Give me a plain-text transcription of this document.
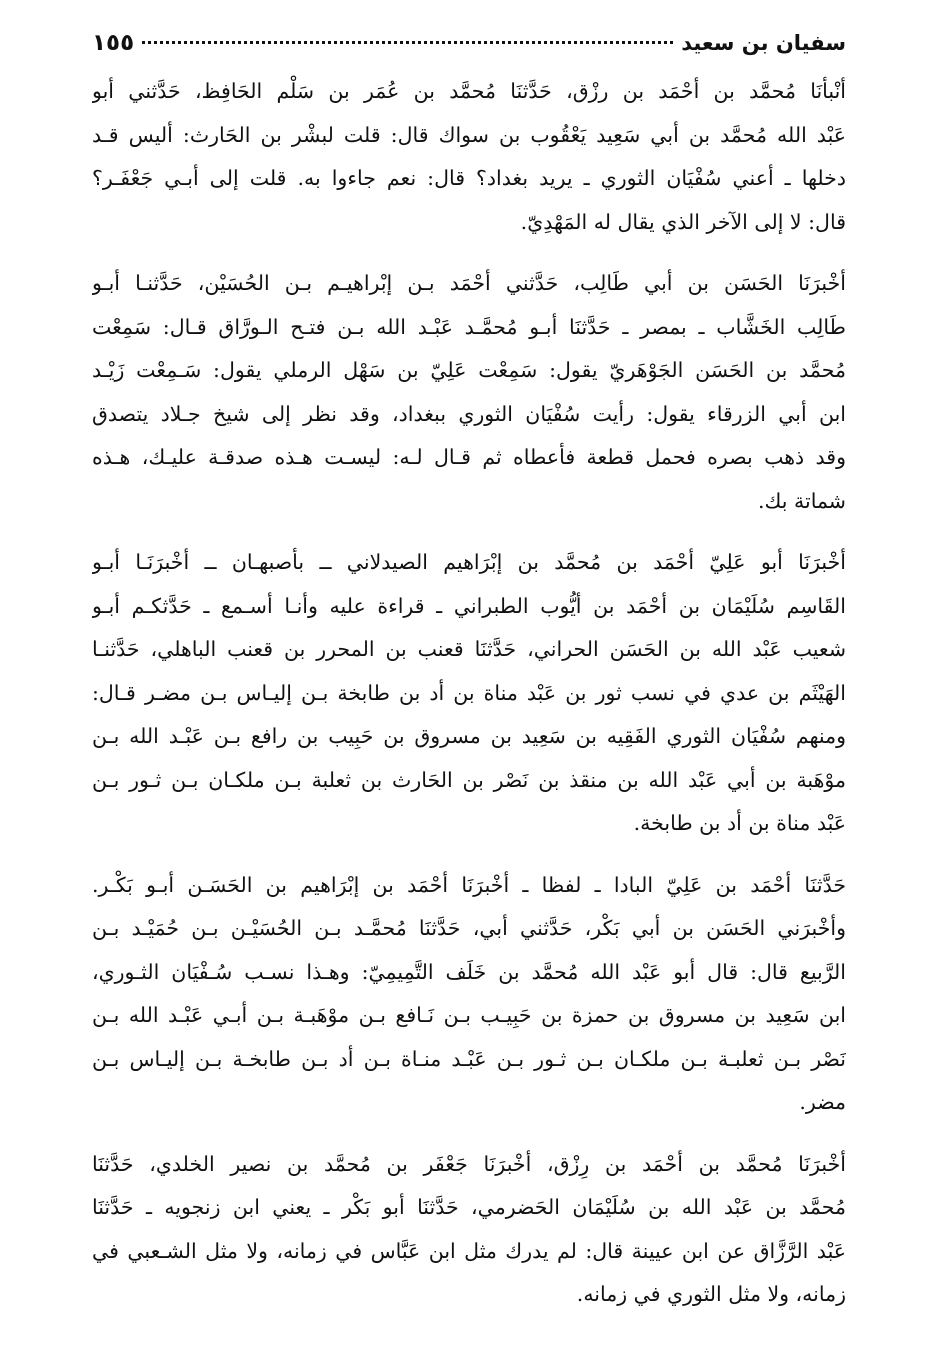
سفيان بن سعيد
١٥٥
أنْبأنَا مُحمَّد بن أحْمَد بن رزْق، حَدَّثنَا مُحمَّد بن عُمَر بن سَلْم الحَافِظ، حَدَّثني أبو
عَبْد الله مُحمَّد بن أبي سَعِيد يَعْقُوب بن سواك قال: قلت لبشْر بن الحَارث: أليس قـد
دخلها ـ أعني سُفْيَان الثوري ـ يريد بغداد؟ قال: نعم جاءوا به. قلت إلى أبـي جَعْفَـر؟
قال: لا إلى الآخر الذي يقال له المَهْدِيّ.
أخْبرَنَا الحَسَن بن أبي طَالِب، حَدَّثني أحْمَد بـن إبْراهيـم بـن الحُسَيْن، حَدَّثنـا أبـو
طَالِب الخَشَّاب ـ بمصر ـ حَدَّثنَا أبـو مُحمَّـد عَبْـد الله بـن فتـح الـورَّاق قـال: سَمِعْت
مُحمَّد بن الحَسَن الجَوْهَريّ يقول: سَمِعْت عَلِيّ بن سَهْل الرملي يقول: سَـمِعْت زَيْـد
ابن أبي الزرقاء يقول: رأيت سُفْيَان الثوري ببغداد، وقد نظر إلى شيخ جـلاد يتصدق
وقد ذهب بصره فحمل قطعة فأعطاه ثم قـال لـه: ليسـت هـذه صدقـة عليـك، هـذه
شماتة بك.
أخْبرَنَا أبو عَلِيّ أحْمَد بن مُحمَّد بن إبْرَاهيم الصيدلاني ــ بأصبهـان ــ أخْبرَنَـا أبـو
القَاسِم سُلَيْمَان بن أحْمَد بن أيُّوب الطبراني ـ قراءة عليه وأنـا أسـمع ـ حَدَّثكـم أبـو
شعيب عَبْد الله بن الحَسَن الحراني، حَدَّثنَا قعنب بن المحرر بن قعنب الباهلي، حَدَّثنـا
الهَيْثَم بن عدي في نسب ثور بن عَبْد مناة بن أد بن طابخة بـن إليـاس بـن مضـر قـال:
ومنهم سُفْيَان الثوري الفَقِيه بن سَعِيد بن مسروق بن حَبِيب بن رافع بـن عَبْـد الله بـن
موْهَبة بن أبي عَبْد الله بن منقذ بن نَصْر بن الحَارث بن ثعلبة بـن ملكـان بـن ثـور بـن
عَبْد مناة بن أد بن طابخة.
حَدَّثنَا أحْمَد بن عَلِيّ البادا ـ لفظا ـ أخْبرَنَا أحْمَد بن إبْرَاهيم بن الحَسَـن أبـو بَكْـر.
وأخْبرَني الحَسَن بن أبي بَكْر، حَدَّثني أبي، حَدَّثنَا مُحمَّـد بـن الحُسَيْـن بـن حُمَيْـد بـن
الرَّبيع قال: قال أبو عَبْد الله مُحمَّد بن خَلَف التَّمِيمِيّ: وهـذا نسـب سُـفْيَان الثـوري،
ابن سَعِيد بن مسروق بن حمزة بن حَبِيـب بـن نَـافع بـن موْهَبـة بـن أبـي عَبْـد الله بـن
نَصْر بـن ثعلبـة بـن ملكـان بـن ثـور بـن عَبْـد منـاة بـن أد بـن طابخـة بـن إليـاس بـن
مضر.
أخْبرَنَا مُحمَّد بن أحْمَد بن رِزْق، أخْبرَنَا جَعْفَر بن مُحمَّد بن نصير الخلدي، حَدَّثنَا
مُحمَّد بن عَبْد الله بن سُلَيْمَان الحَضرمي، حَدَّثنَا أبو بَكْر ـ يعني ابن زنجويه ـ حَدَّثنَا
عَبْد الرَّزَّاق عن ابن عيينة قال: لم يدرك مثل ابن عَبَّاس في زمانه، ولا مثل الشـعبي في
زمانه، ولا مثل الثوري في زمانه.
